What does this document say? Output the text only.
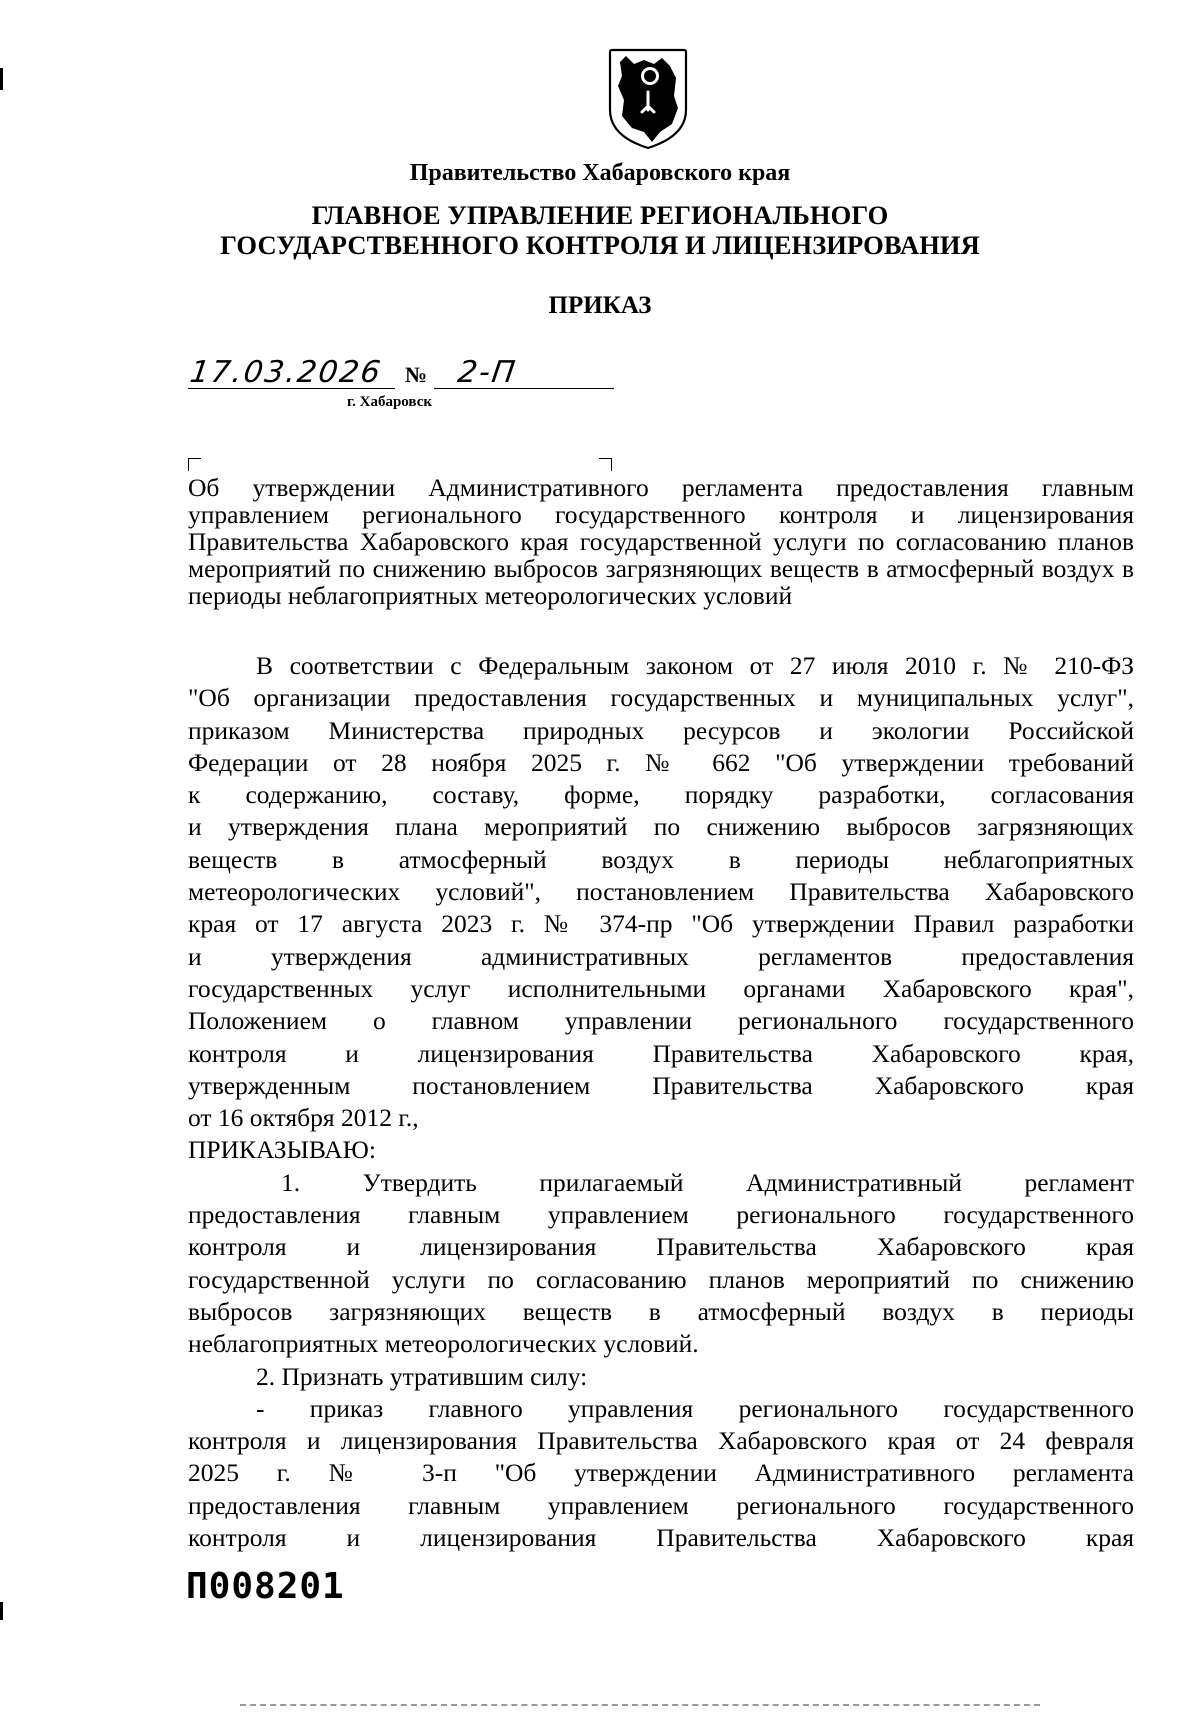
Правительство Хабаровского края
ГЛАВНОЕ УПРАВЛЕНИЕ РЕГИОНАЛЬНОГО
ГОСУДАРСТВЕННОГО КОНТРОЛЯ И ЛИЦЕНЗИРОВАНИЯ
ПРИКАЗ
17.03.2026 № 2-П
г. Хабаровск
Об утверждении Административного регламента предоставления главным управлением регионального государственного контроля и лицензирования Правительства Хабаровского края государственной услуги по согласованию планов мероприятий по снижению выбросов загрязняющих веществ в атмосферный воздух в периоды неблагоприятных метеорологических условий

В соответствии с Федеральным законом от 27 июля 2010 г. № 210-ФЗ

"Об организации предоставления государственных и муниципальных услуг",

приказом Министерства природных ресурсов и экологии Российской

Федерации от 28 ноября 2025 г. № 662 "Об утверждении требований

к содержанию, составу, форме, порядку разработки, согласования

и утверждения плана мероприятий по снижению выбросов загрязняющих

веществ в атмосферный воздух в периоды неблагоприятных

метеорологических условий", постановлением Правительства Хабаровского

края от 17 августа 2023 г. № 374-пр "Об утверждении Правил разработки

и утверждения административных регламентов предоставления

государственных услуг исполнительными органами Хабаровского края",

Положением о главном управлении регионального государственного

контроля и лицензирования Правительства Хабаровского края,

утвержденным постановлением Правительства Хабаровского края

от 16 октября 2012 г.,

ПРИКАЗЫВАЮ:

1. Утвердить прилагаемый Административный регламент

предоставления главным управлением регионального государственного

контроля и лицензирования Правительства Хабаровского края

государственной услуги по согласованию планов мероприятий по снижению

выбросов загрязняющих веществ в атмосферный воздух в периоды

неблагоприятных метеорологических условий.

2. Признать утратившим силу:

- приказ главного управления регионального государственного

контроля и лицензирования Правительства Хабаровского края от 24 февраля

2025 г. № 3-п "Об утверждении Административного регламента

предоставления главным управлением регионального государственного

контроля и лицензирования Правительства Хабаровского края

П008201
